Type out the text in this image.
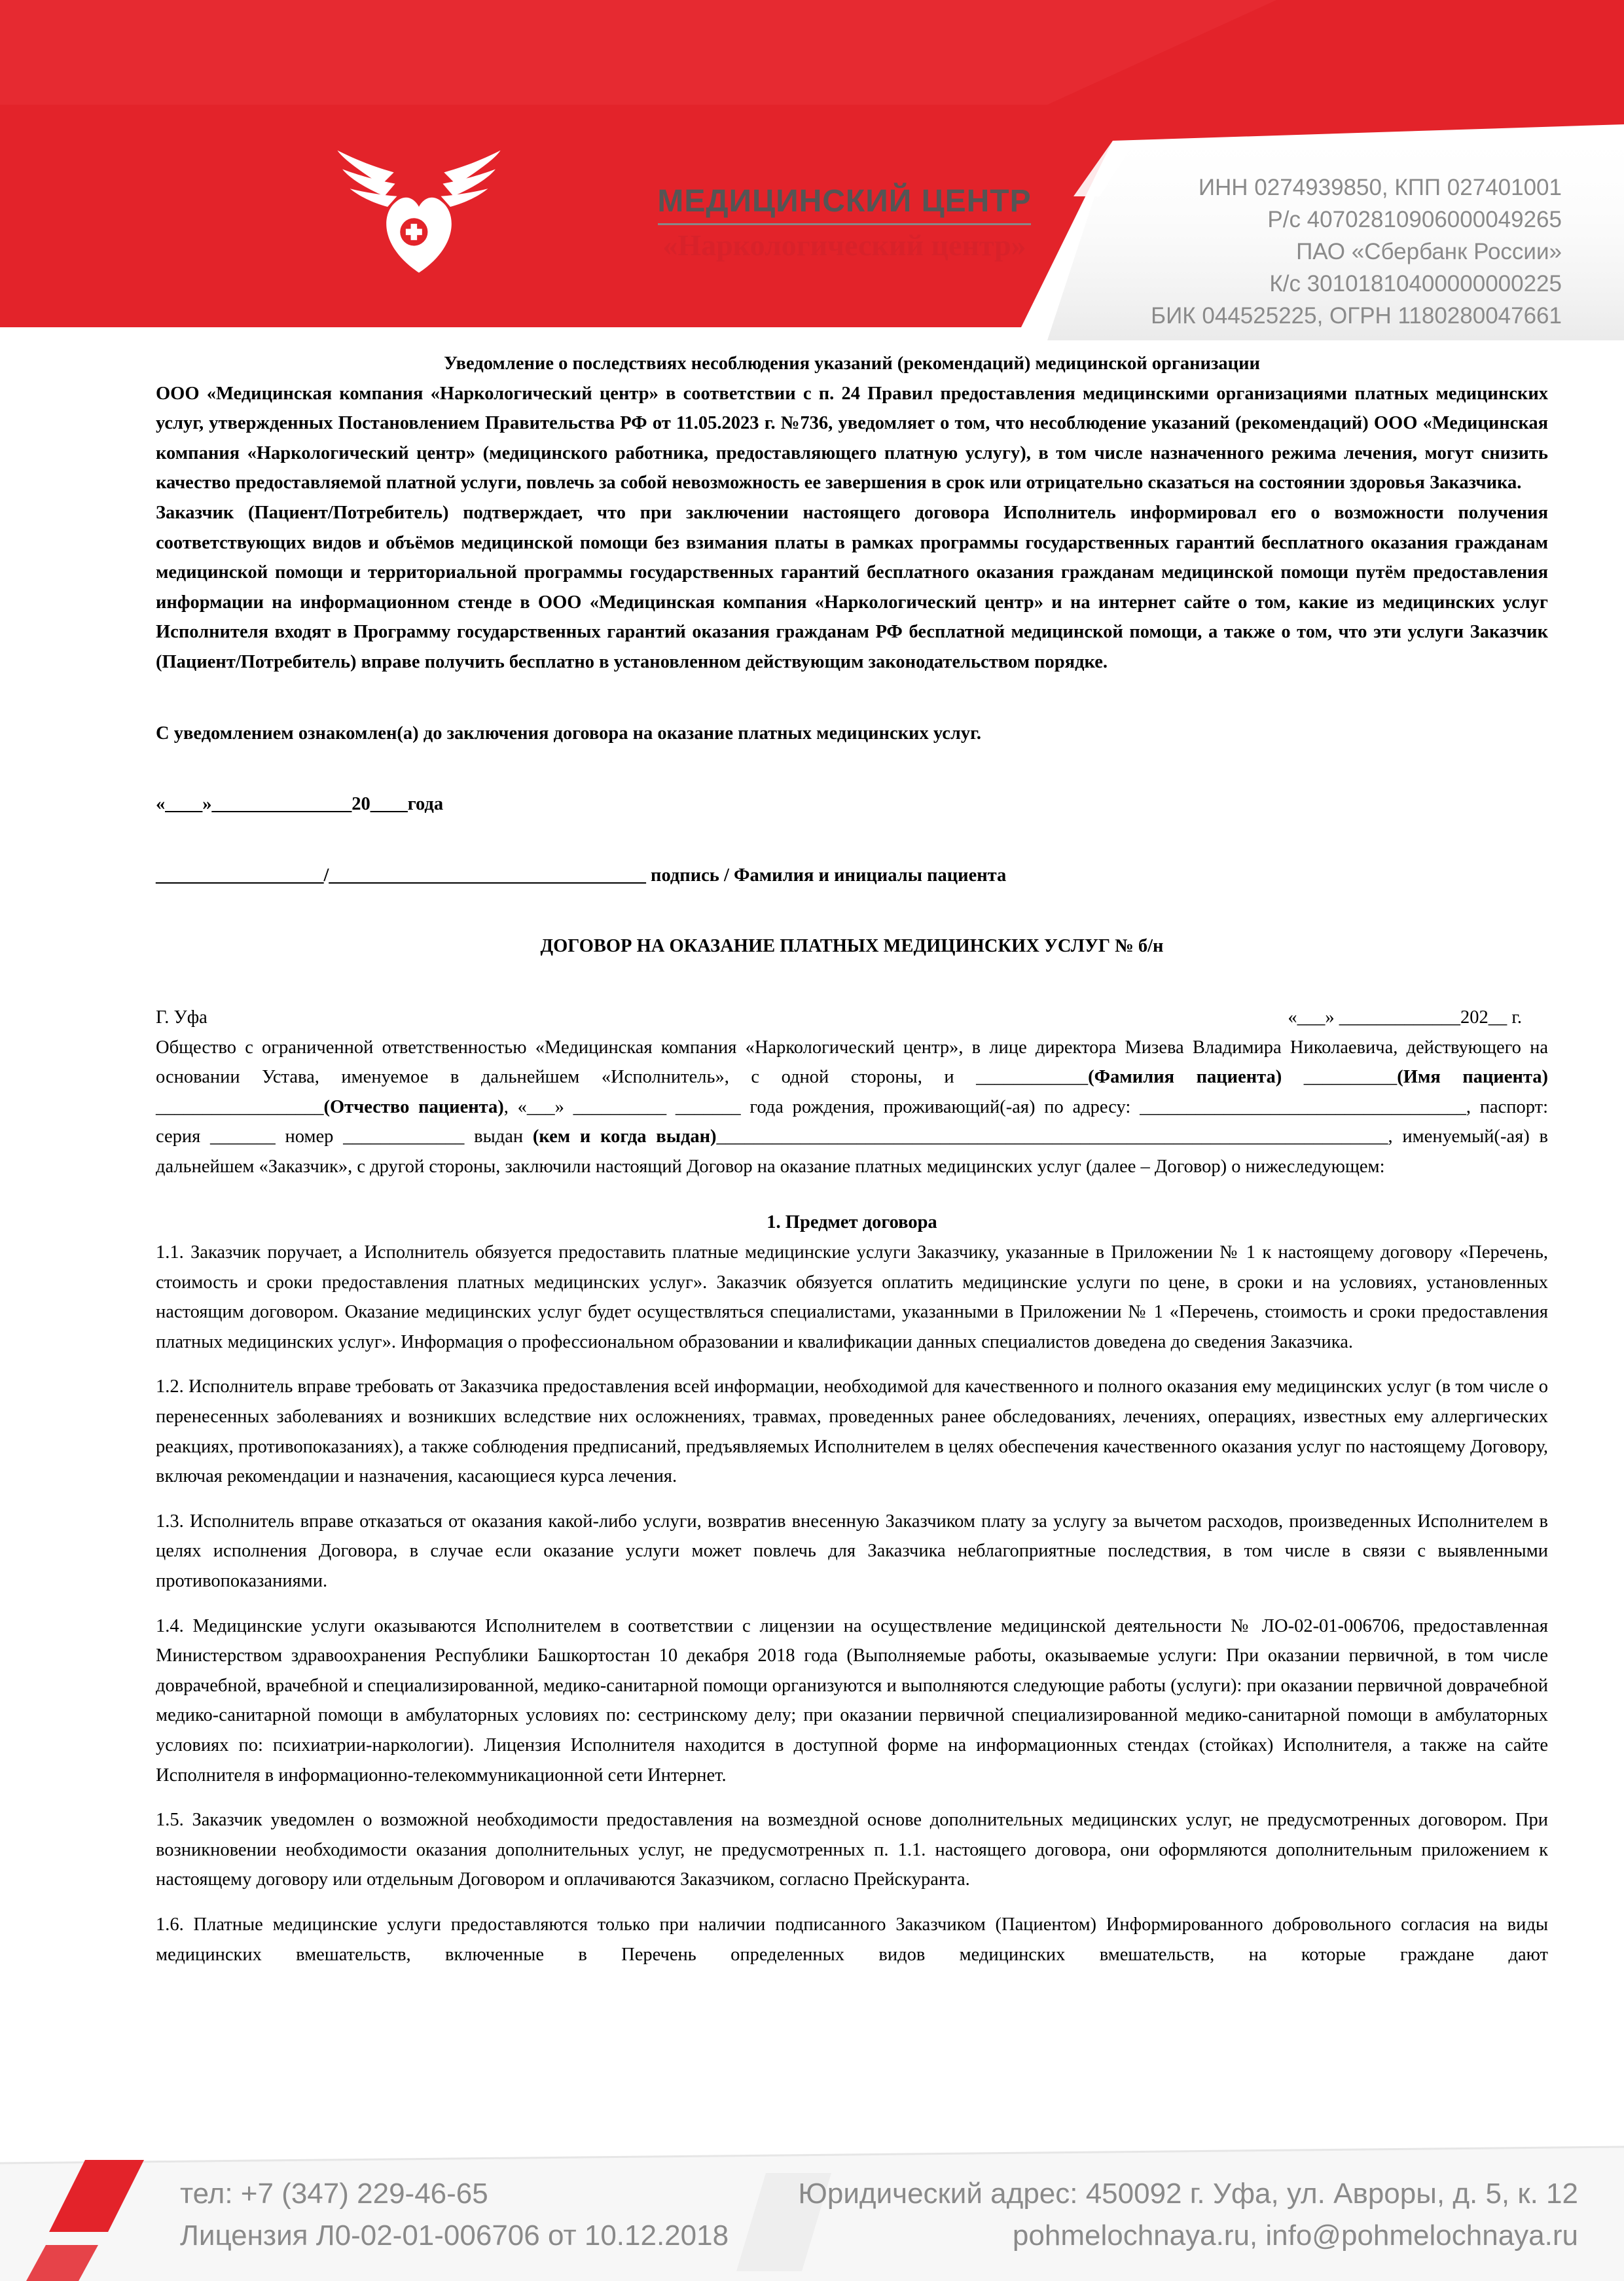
МЕДИЦИНСКИЙ ЦЕНТР
«Наркологический центр»
ИНН 0274939850, КПП 027401001
Р/с 40702810906000049265
ПАО «Сбербанк России»
К/с 30101810400000000225
БИК 044525225, ОГРН 1180280047661

Уведомление о последствиях несоблюдения указаний (рекомендаций) медицинской организации

ООО «Медицинская компания «Наркологический центр» в соответствии с п. 24 Правил предоставления медицинскими организациями платных медицинских услуг, утвержденных Постановлением Правительства РФ от 11.05.2023 г. №736, уведомляет о том, что несоблюдение указаний (рекомендаций) ООО «Медицинская компания «Наркологический центр» (медицинского работника, предоставляющего платную услугу), в том числе назначенного режима лечения, могут снизить качество предоставляемой платной услуги, повлечь за собой невозможность ее завершения в срок или отрицательно сказаться на состоянии здоровья Заказчика.

Заказчик (Пациент/Потребитель) подтверждает, что при заключении настоящего договора Исполнитель информировал его о возможности получения соответствующих видов и объёмов медицинской помощи без взимания платы в рамках программы государственных гарантий бесплатного оказания гражданам медицинской помощи и территориальной программы государственных гарантий бесплатного оказания гражданам медицинской помощи путём предоставления информации на информационном стенде в ООО «Медицинская компания «Наркологический центр» и на интернет сайте о том, какие из медицинских услуг Исполнителя входят в Программу государственных гарантий оказания гражданам РФ бесплатной медицинской помощи, а также о том, что эти услуги Заказчик (Пациент/Потребитель) вправе получить бесплатно в установленном действующим законодательством порядке.

С уведомлением ознакомлен(а) до заключения договора на оказание платных медицинских услуг.

«____»_______________20____года

__________________/__________________________________ подпись / Фамилия и инициалы пациента

ДОГОВОР НА ОКАЗАНИЕ ПЛАТНЫХ МЕДИЦИНСКИХ УСЛУГ № б/н

Г. Уфа	«___» _____________202__ г.

Общество с ограниченной ответственностью «Медицинская компания «Наркологический центр», в лице директора Мизева Владимира Николаевича, действующего на основании Устава, именуемое в дальнейшем «Исполнитель», с одной стороны, и ____________(Фамилия пациента) __________(Имя пациента) __________________(Отчество пациента), «___» __________ _______ года рождения, проживающий(-ая) по адресу: ___________________________________, паспорт: серия _______ номер _____________ выдан (кем и когда выдан)________________________________________________________________________, именуемый(-ая) в дальнейшем «Заказчик», с другой стороны, заключили настоящий Договор на оказание платных медицинских услуг (далее – Договор) о нижеследующем:

1. Предмет договора

1.1. Заказчик поручает, а Исполнитель обязуется предоставить платные медицинские услуги Заказчику, указанные в Приложении № 1 к настоящему договору «Перечень, стоимость и сроки предоставления платных медицинских услуг». Заказчик обязуется оплатить медицинские услуги по цене, в сроки и на условиях, установленных настоящим договором. Оказание медицинских услуг будет осуществляться специалистами, указанными в Приложении № 1 «Перечень, стоимость и сроки предоставления платных медицинских услуг». Информация о профессиональном образовании и квалификации данных специалистов доведена до сведения Заказчика.

1.2. Исполнитель вправе требовать от Заказчика предоставления всей информации, необходимой для качественного и полного оказания ему медицинских услуг (в том числе о перенесенных заболеваниях и возникших вследствие них осложнениях, травмах, проведенных ранее обследованиях, лечениях, операциях, известных ему аллергических реакциях, противопоказаниях), а также соблюдения предписаний, предъявляемых Исполнителем в целях обеспечения качественного оказания услуг по настоящему Договору, включая рекомендации и назначения, касающиеся курса лечения.

1.3. Исполнитель вправе отказаться от оказания какой-либо услуги, возвратив внесенную Заказчиком плату за услугу за вычетом расходов, произведенных Исполнителем в целях исполнения Договора, в случае если оказание услуги может повлечь для Заказчика неблагоприятные последствия, в том числе в связи с выявленными противопоказаниями.

1.4. Медицинские услуги оказываются Исполнителем в соответствии с лицензии на осуществление медицинской деятельности № ЛО-02-01-006706, предоставленная Министерством здравоохранения Республики Башкортостан 10 декабря 2018 года (Выполняемые работы, оказываемые услуги: При оказании первичной, в том числе доврачебной, врачебной и специализированной, медико-санитарной помощи организуются и выполняются следующие работы (услуги): при оказании первичной доврачебной медико-санитарной помощи в амбулаторных условиях по: сестринскому делу; при оказании первичной специализированной медико-санитарной помощи в амбулаторных условиях по: психиатрии-наркологии). Лицензия Исполнителя находится в доступной форме на информационных стендах (стойках) Исполнителя, а также на сайте Исполнителя в информационно-телекоммуникационной сети Интернет.

1.5. Заказчик уведомлен о возможной необходимости предоставления на возмездной основе дополнительных медицинских услуг, не предусмотренных договором. При возникновении необходимости оказания дополнительных услуг, не предусмотренных п. 1.1. настоящего договора, они оформляются дополнительным приложением к настоящему договору или отдельным Договором и оплачиваются Заказчиком, согласно Прейскуранта.

1.6. Платные медицинские услуги предоставляются только при наличии подписанного Заказчиком (Пациентом) Информированного добровольного согласия на виды медицинских вмешательств, включенные в Перечень определенных видов медицинских вмешательств, на которые граждане дают

тел: +7 (347) 229-46-65
Лицензия Л0-02-01-006706 от 10.12.2018
Юридический адрес: 450092 г. Уфа, ул. Авроры, д. 5, к. 12
pohmelochnaya.ru, info@pohmelochnaya.ru
